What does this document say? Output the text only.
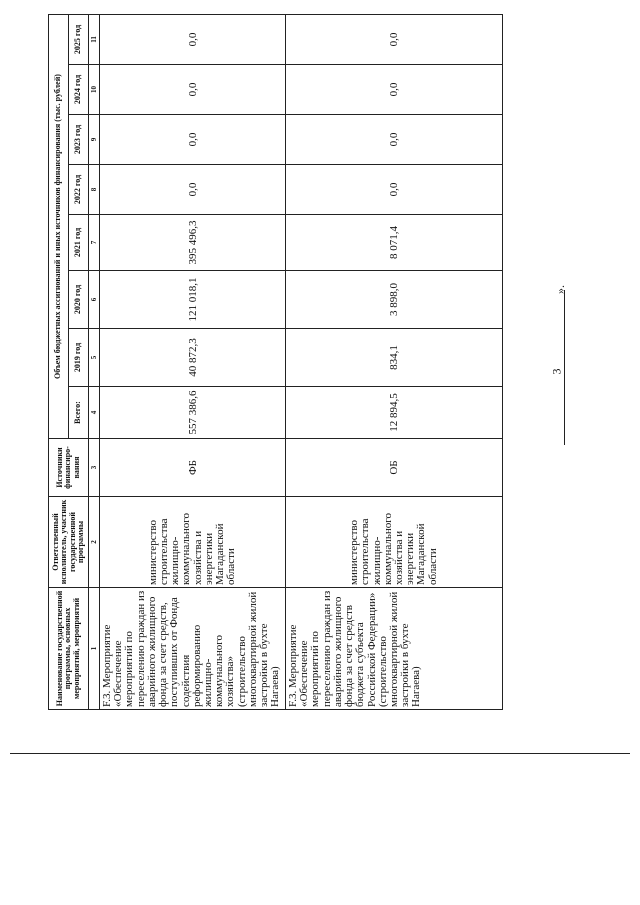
3
Наименование государственной программы, основных мероприятий, мероприятий	Ответственный исполнитель, участник государственной программы	Источники финансиро-вания	Объем бюджетных ассигнований и иных источников финансирования (тыс. рублей)							
			Всего:	2019 год	2020 год	2021 год	2022 год	2023 год	2024 год	2025 год
1	2	3	4	5	6	7	8	9	10	11
F.3. Мероприятие «Обеспечение мероприятий по переселению граждан из аварийного жилищного фонда за счет средств, поступивших от Фонда содействия реформированию жилищно-коммунального хозяйства» (строительство многоквартирной жилой застройки в бухте Нагаева)	министерство строительства жилищно-коммунального хозяйства и энергетики Магаданской области	ФБ	557 386,6	40 872,3	121 018,1	395 496,3	0,0	0,0	0,0	0,0
F.3. Мероприятие «Обеспечение мероприятий по переселению граждан из аварийного жилищного фонда за счет средств бюджета субъекта Российской Федерации» (строительство многоквартирной жилой застройки в бухте Нагаева)	министерство строительства жилищно-коммунального хозяйства и энергетики Магаданской области	ОБ	12 894,5	834,1	3 898,0	8 071,4	0,0	0,0	0,0	0,0
».
